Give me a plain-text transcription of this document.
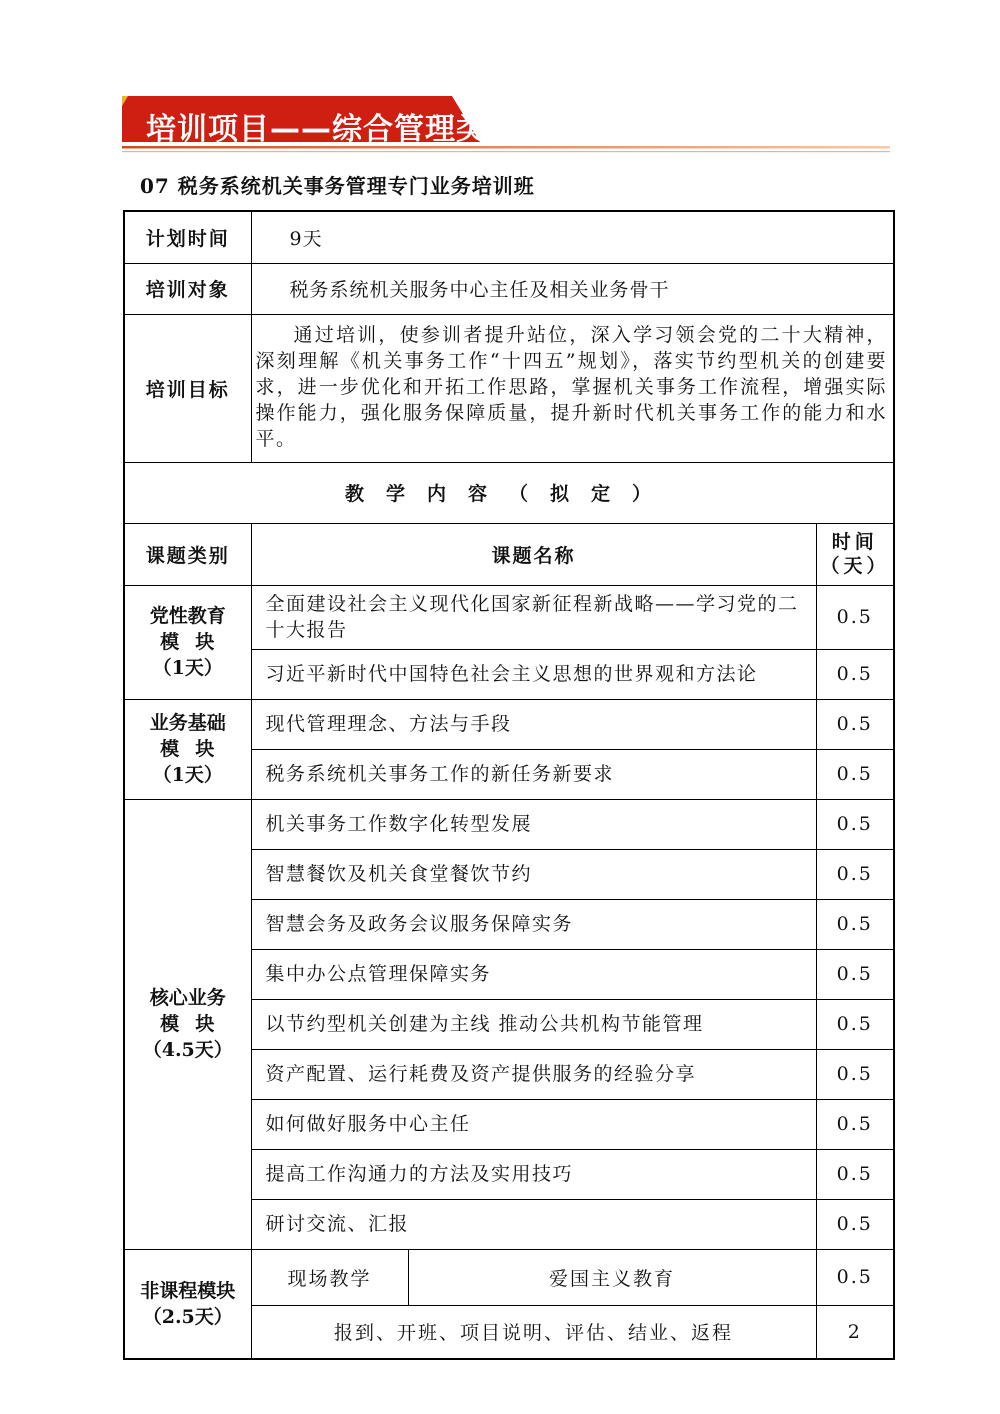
培训项目——综合管理类
07 税务系统机关事务管理专门业务培训班
计划时间	9天		
培训对象	税务系统机关服务中心主任及相关业务骨干		
培训目标	通过培训，使参训者提升站位，深入学习领会党的二十大精神，深刻理解《机关事务工作“十四五”规划》，落实节约型机关的创建要求，进一步优化和开拓工作思路，掌握机关事务工作流程，增强实际操作能力，强化服务保障质量，提升新时代机关事务工作的能力和水平。		
教学内容（拟定）			
课题类别	课题名称		时间（天）

党性教育
模  块
（1天）	全面建设社会主义现代化国家新征程新战略——学习党的二十大报告		0.5
	习近平新时代中国特色社会主义思想的世界观和方法论		0.5

业务基础
模  块
（1天）	现代管理理念、方法与手段		0.5
	税务系统机关事务工作的新任务新要求		0.5

核心业务
模  块
（4.5天）	机关事务工作数字化转型发展		0.5
	智慧餐饮及机关食堂餐饮节约		0.5
	智慧会务及政务会议服务保障实务		0.5
	集中办公点管理保障实务		0.5
	以节约型机关创建为主线 推动公共机构节能管理		0.5
	资产配置、运行耗费及资产提供服务的经验分享		0.5
	如何做好服务中心主任		0.5
	提高工作沟通力的方法及实用技巧		0.5
	研讨交流、汇报		0.5

非课程模块
（2.5天）	现场教学	爱国主义教育	0.5
	报到、开班、项目说明、评估、结业、返程		2
